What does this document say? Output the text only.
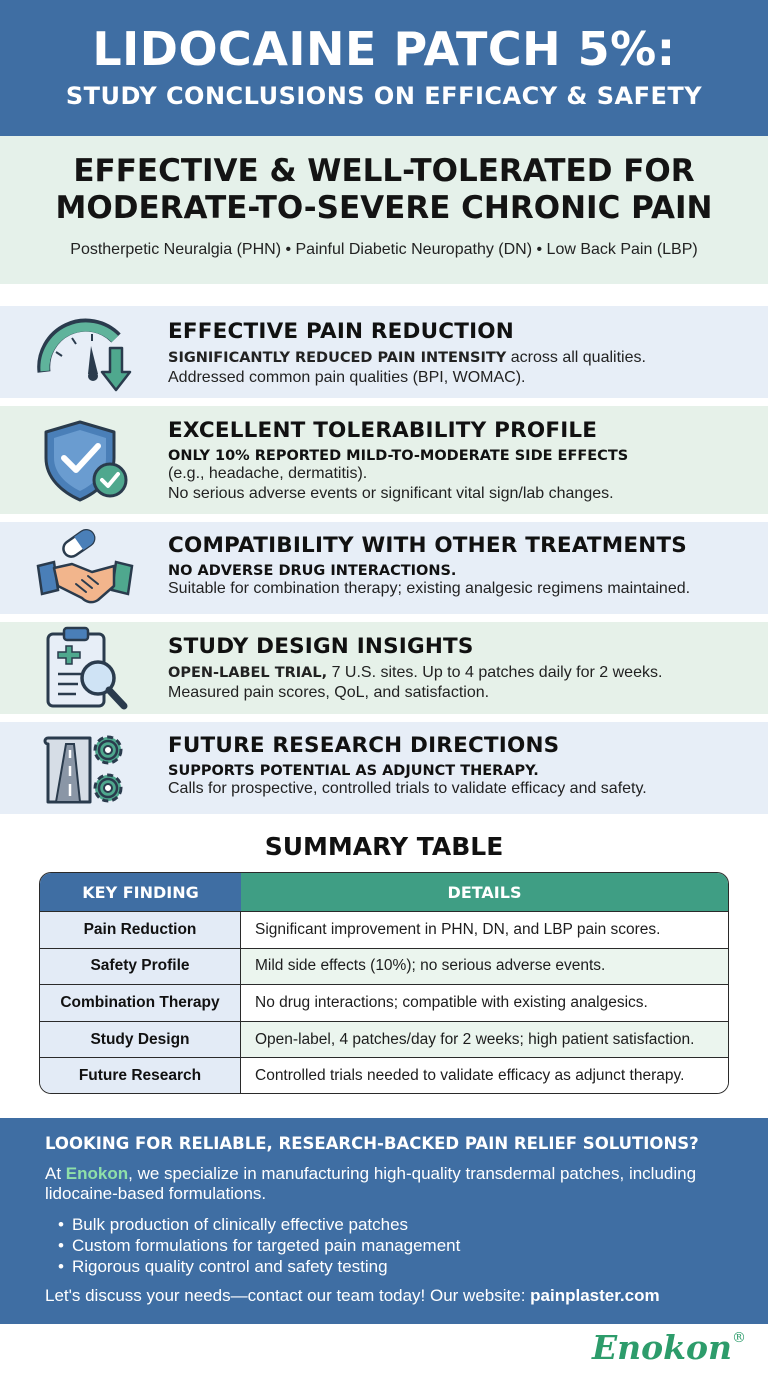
LIDOCAINE PATCH 5%:
STUDY CONCLUSIONS ON EFFICACY & SAFETY
EFFECTIVE & WELL-TOLERATED FOR
MODERATE-TO-SEVERE CHRONIC PAIN
Postherpetic Neuralgia (PHN) • Painful Diabetic Neuropathy (DN) • Low Back Pain (LBP)
EFFECTIVE PAIN REDUCTION
SIGNIFICANTLY REDUCED PAIN INTENSITY across all qualities.
Addressed common pain qualities (BPI, WOMAC).
EXCELLENT TOLERABILITY PROFILE
ONLY 10% REPORTED MILD-TO-MODERATE SIDE EFFECTS
(e.g., headache, dermatitis).
No serious adverse events or significant vital sign/lab changes.
COMPATIBILITY WITH OTHER TREATMENTS
NO ADVERSE DRUG INTERACTIONS.
Suitable for combination therapy; existing analgesic regimens maintained.
STUDY DESIGN INSIGHTS
OPEN-LABEL TRIAL, 7 U.S. sites. Up to 4 patches daily for 2 weeks.
Measured pain scores, QoL, and satisfaction.
FUTURE RESEARCH DIRECTIONS
SUPPORTS POTENTIAL AS ADJUNCT THERAPY.
Calls for prospective, controlled trials to validate efficacy and safety.
SUMMARY TABLE
KEY FINDING	DETAILS
Pain Reduction	Significant improvement in PHN, DN, and LBP pain scores.
Safety Profile	Mild side effects (10%); no serious adverse events.
Combination Therapy	No drug interactions; compatible with existing analgesics.
Study Design	Open-label, 4 patches/day for 2 weeks; high patient satisfaction.
Future Research	Controlled trials needed to validate efficacy as adjunct therapy.
LOOKING FOR RELIABLE, RESEARCH-BACKED PAIN RELIEF SOLUTIONS?
At Enokon, we specialize in manufacturing high-quality transdermal patches, including lidocaine-based formulations.
• Bulk production of clinically effective patches
• Custom formulations for targeted pain management
• Rigorous quality control and safety testing
Let's discuss your needs—contact our team today! Our website: painplaster.com
Enokon®
